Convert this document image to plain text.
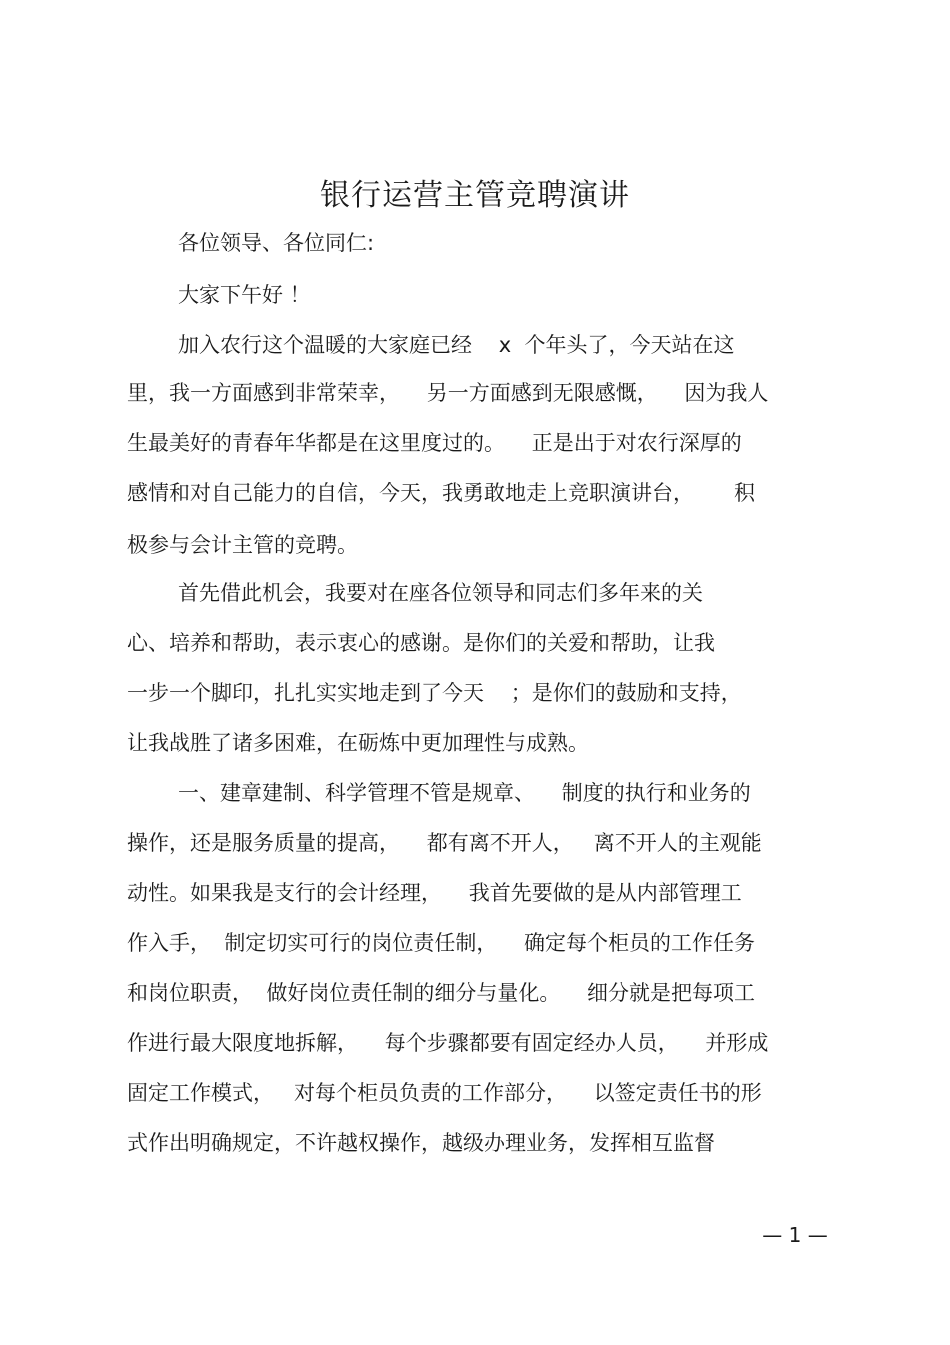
银行运营主管竞聘演讲
各位领导、各位同仁:
大家下午好 ！
加入农行这个温暖的大家庭已经    x  个年头了，今天站在这
里，我一方面感到非常荣幸，    另一方面感到无限感慨，    因为我人
生最美好的青春年华都是在这里度过的。    正是出于对农行深厚的
感情和对自己能力的自信，今天，我勇敢地走上竞职演讲台，      积
极参与会计主管的竞聘。
首先借此机会，我要对在座各位领导和同志们多年来的关
心、培养和帮助，表示衷心的感谢。是你们的关爱和帮助，让我
一步一个脚印，扎扎实实地走到了今天    ；是你们的鼓励和支持，
让我战胜了诸多困难，在砺炼中更加理性与成熟。
一、建章建制、科学管理不管是规章、    制度的执行和业务的
操作，还是服务质量的提高，    都有离不开人，   离不开人的主观能
动性。如果我是支行的会计经理，    我首先要做的是从内部管理工
作入手，  制定切实可行的岗位责任制，    确定每个柜员的工作任务
和岗位职责，  做好岗位责任制的细分与量化。    细分就是把每项工
作进行最大限度地拆解，    每个步骤都要有固定经办人员，    并形成
固定工作模式，   对每个柜员负责的工作部分，    以签定责任书的形
式作出明确规定，不许越权操作，越级办理业务，发挥相互监督
— 1 —
